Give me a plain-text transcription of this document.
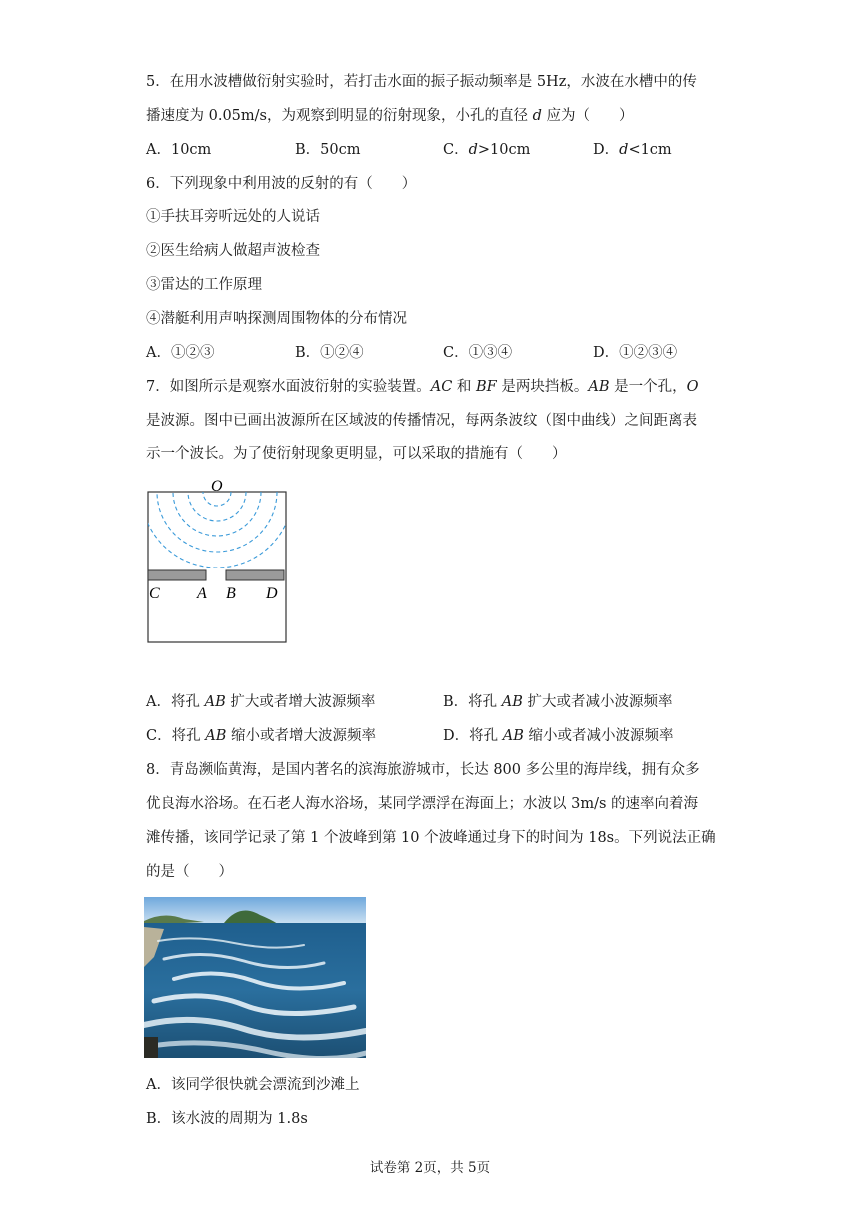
5．在用水波槽做衍射实验时，若打击水面的振子振动频率是 5Hz，水波在水槽中的传
播速度为 0.05m/s，为观察到明显的衍射现象，小孔的直径 d 应为（　　）
A．10cm	B．50cm	C．d>10cm	D．d<1cm
6．下列现象中利用波的反射的有（　　）
①手扶耳旁听远处的人说话
②医生给病人做超声波检查
③雷达的工作原理
④潜艇利用声呐探测周围物体的分布情况
A．①②③	B．①②④	C．①③④	D．①②③④
7．如图所示是观察水面波衍射的实验装置。AC 和 BF 是两块挡板。AB 是一个孔，O
是波源。图中已画出波源所在区域波的传播情况，每两条波纹（图中曲线）之间距离表
示一个波长。为了使衍射现象更明显，可以采取的措施有（　　）
O
C A B D
A．将孔 AB 扩大或者增大波源频率	B．将孔 AB 扩大或者减小波源频率
C．将孔 AB 缩小或者增大波源频率	D．将孔 AB 缩小或者减小波源频率
8．青岛濒临黄海，是国内著名的滨海旅游城市，长达 800 多公里的海岸线，拥有众多
优良海水浴场。在石老人海水浴场，某同学漂浮在海面上；水波以 3m/s 的速率向着海
滩传播，该同学记录了第 1 个波峰到第 10 个波峰通过身下的时间为 18s。下列说法正确
的是（　　）
A．该同学很快就会漂流到沙滩上
B．该水波的周期为 1.8s
试卷第 2页，共 5页
